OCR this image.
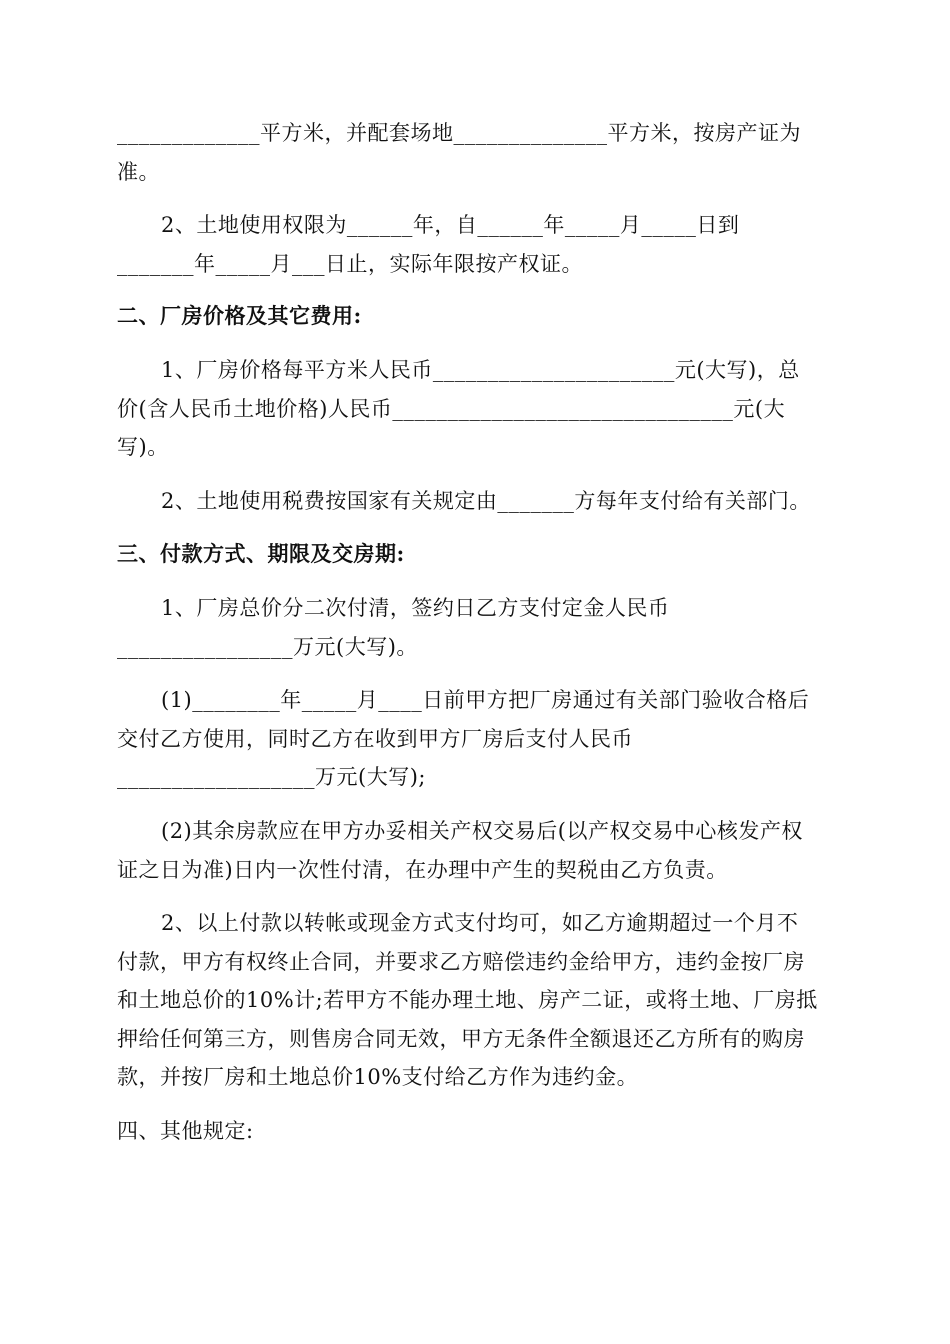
_____________平方米，并配套场地______________平方米，按房产证为
准。
2、土地使用权限为______年，自______年_____月_____日到
_______年_____月___日止，实际年限按产权证。
二、厂房价格及其它费用:
1、厂房价格每平方米人民币______________________元(大写)，总
价(含人民币土地价格)人民币_______________________________元(大
写)。
2、土地使用税费按国家有关规定由_______方每年支付给有关部门。
三、付款方式、期限及交房期:
1、厂房总价分二次付清，签约日乙方支付定金人民币
________________万元(大写)。
(1)________年_____月____日前甲方把厂房通过有关部门验收合格后
交付乙方使用，同时乙方在收到甲方厂房后支付人民币
__________________万元(大写);
(2)其余房款应在甲方办妥相关产权交易后(以产权交易中心核发产权
证之日为准)日内一次性付清，在办理中产生的契税由乙方负责。
2、以上付款以转帐或现金方式支付均可，如乙方逾期超过一个月不
付款，甲方有权终止合同，并要求乙方赔偿违约金给甲方，违约金按厂房
和土地总价的10%计;若甲方不能办理土地、房产二证，或将土地、厂房抵
押给任何第三方，则售房合同无效，甲方无条件全额退还乙方所有的购房
款，并按厂房和土地总价10%支付给乙方作为违约金。
四、其他规定:
